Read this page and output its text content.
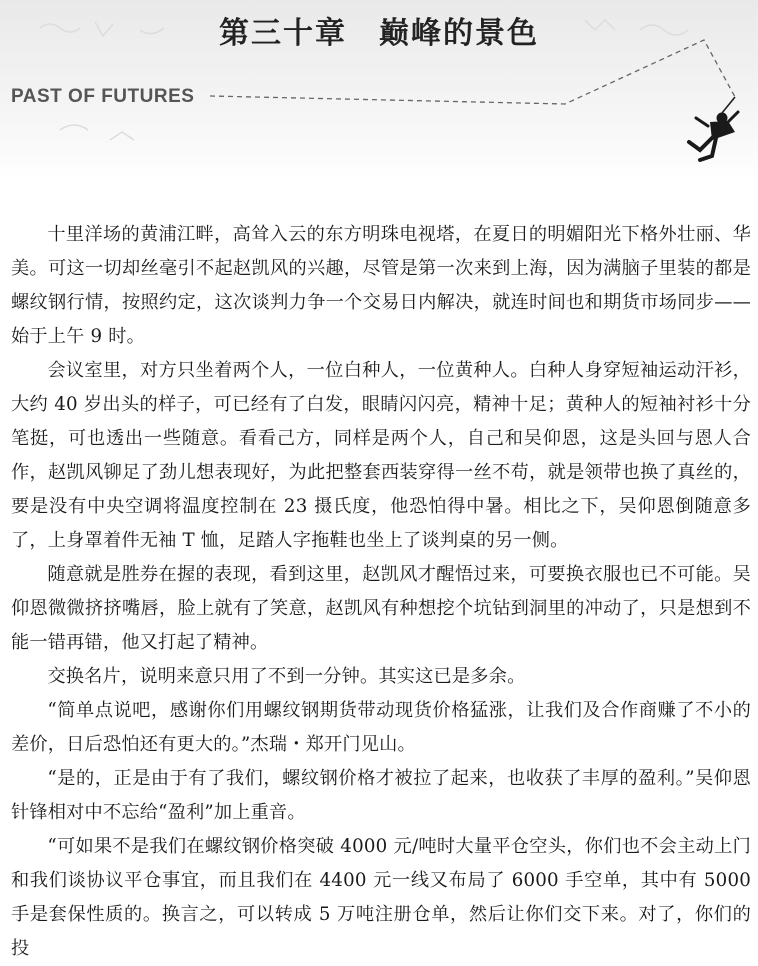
第三十章　巅峰的景色
PAST OF FUTURES

十里洋场的黄浦江畔，高耸入云的东方明珠电视塔，在夏日的明媚阳光下格外壮丽、华美。可这一切却丝毫引不起赵凯风的兴趣，尽管是第一次来到上海，因为满脑子里装的都是螺纹钢行情，按照约定，这次谈判力争一个交易日内解决，就连时间也和期货市场同步——始于上午 9 时。

会议室里，对方只坐着两个人，一位白种人，一位黄种人。白种人身穿短袖运动汗衫，大约 40 岁出头的样子，可已经有了白发，眼睛闪闪亮，精神十足；黄种人的短袖衬衫十分笔挺，可也透出一些随意。看看己方，同样是两个人，自己和吴仰恩，这是头回与恩人合作，赵凯风铆足了劲儿想表现好，为此把整套西装穿得一丝不苟，就是领带也换了真丝的，要是没有中央空调将温度控制在 23 摄氏度，他恐怕得中暑。相比之下，吴仰恩倒随意多了，上身罩着件无袖 T 恤，足踏人字拖鞋也坐上了谈判桌的另一侧。

随意就是胜券在握的表现，看到这里，赵凯风才醒悟过来，可要换衣服也已不可能。吴仰恩微微挤挤嘴唇，脸上就有了笑意，赵凯风有种想挖个坑钻到洞里的冲动了，只是想到不能一错再错，他又打起了精神。

交换名片，说明来意只用了不到一分钟。其实这已是多余。

“简单点说吧，感谢你们用螺纹钢期货带动现货价格猛涨，让我们及合作商赚了不小的差价，日后恐怕还有更大的。”杰瑞・郑开门见山。

“是的，正是由于有了我们，螺纹钢价格才被拉了起来，也收获了丰厚的盈利。”吴仰恩针锋相对中不忘给“盈利”加上重音。

“可如果不是我们在螺纹钢价格突破 4000 元/吨时大量平仓空头，你们也不会主动上门和我们谈协议平仓事宜，而且我们在 4400 元一线又布局了 6000 手空单，其中有 5000 手是套保性质的。换言之，可以转成 5 万吨注册仓单，然后让你们交下来。对了，你们的投
